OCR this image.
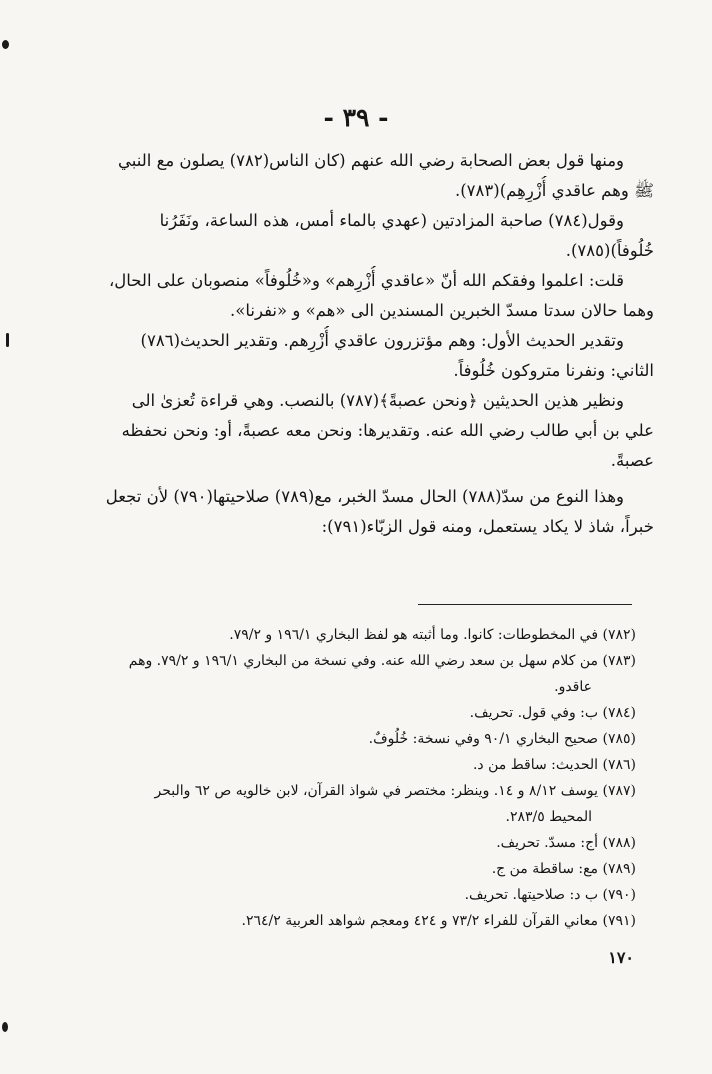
- ٣٩ -
ومنها قول بعض الصحابة رضي الله عنهم (كان الناس(٧٨٢) يصلون مع النبي
ﷺ وهم عاقدي أُزْرِهِم)(٧٨٣).
وقول(٧٨٤) صاحبة المزادتين (عهدي بالماء أمس، هذه الساعة، ونَفَرُنا
خُلُوفاً)(٧٨٥).
قلت: اعلموا وفقكم الله أنّ «عاقدي أُزْرِهم» و«خُلُوفاً» منصوبان على الحال،
وهما حالان سدتا مسدّ الخبرين المسندين الى «هم» و «نفرنا».
وتقدير الحديث الأول: وهم مؤتزرون عاقدي أُزْرِهم. وتقدير الحديث(٧٨٦)
الثاني: ونفرنا متروكون خُلُوفاً.
ونظير هذين الحديثين ﴿ونحن عصبةً﴾(٧٨٧) بالنصب. وهي قراءة تُعزىٰ الى
علي بن أبي طالب رضي الله عنه. وتقديرها: ونحن معه عصبةً، أو: ونحن نحفظه
عصبةً.
وهذا النوع من سدّ(٧٨٨) الحال مسدّ الخبر، مع(٧٨٩) صلاحيتها(٧٩٠) لأن تجعل
خبراً، شاذ لا يكاد يستعمل، ومنه قول الزبّاء(٧٩١):
(٧٨٢) في المخطوطات: كانوا. وما أثبته هو لفظ البخاري ١٩٦/١ و ٧٩/٢.
(٧٨٣) من كلام سهل بن سعد رضي الله عنه. وفي نسخة من البخاري ١٩٦/١ و ٧٩/٢. وهم
عاقدو.
(٧٨٤) ب: وفي قول. تحريف.
(٧٨٥) صحيح البخاري ٩٠/١ وفي نسخة: خُلُوفٌ.
(٧٨٦) الحديث: ساقط من د.
(٧٨٧) يوسف ٨/١٢ و ١٤. وينظر: مختصر في شواذ القرآن، لابن خالويه ص ٦٢ والبحر
المحيط ٢٨٣/٥.
(٧٨٨) أج: مسدّ. تحريف.
(٧٨٩) مع: ساقطة من ج.
(٧٩٠) ب د: صلاحيتها. تحريف.
(٧٩١) معاني القرآن للفراء ٧٣/٢ و ٤٢٤ ومعجم شواهد العربية ٢٦٤/٢.
١٧٠
